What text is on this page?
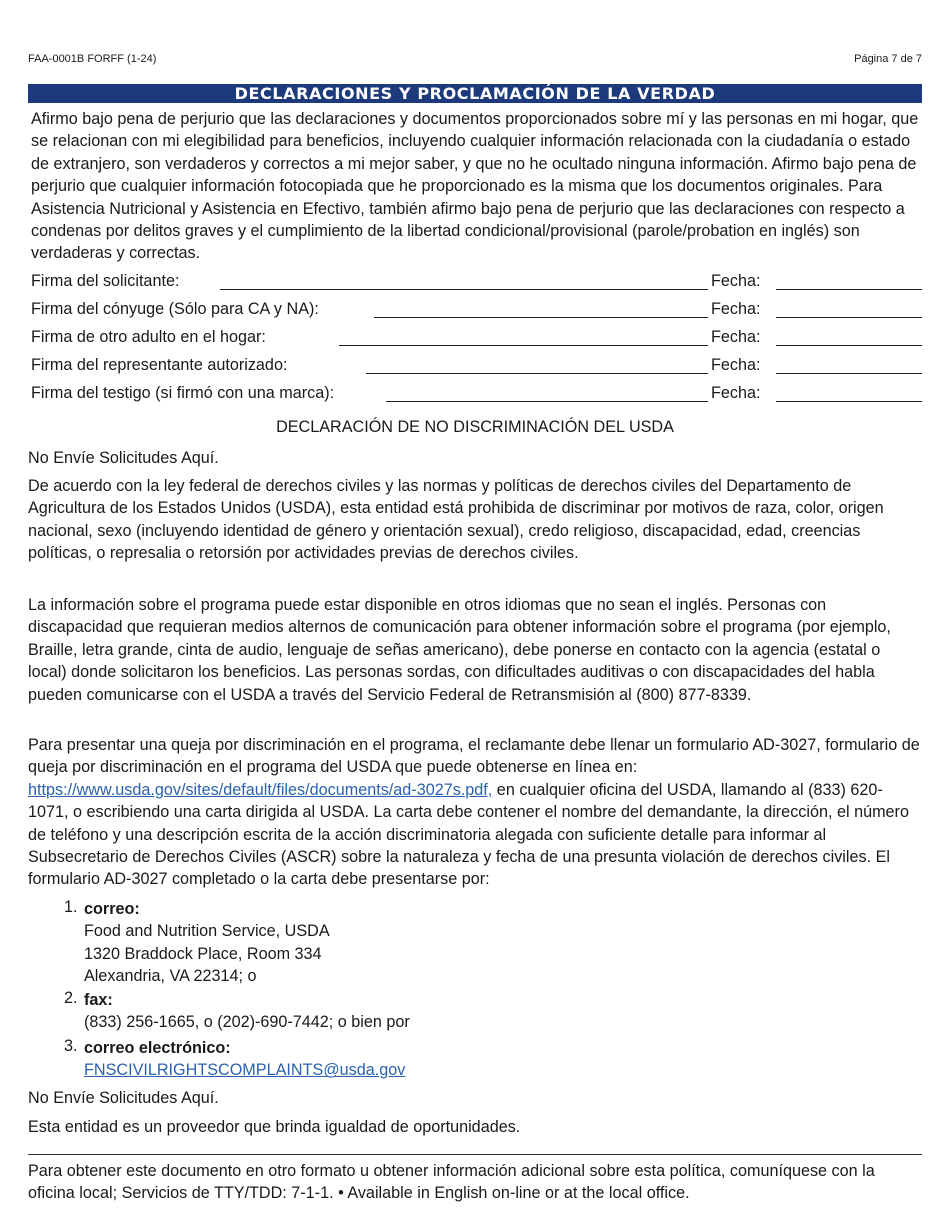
FAA-0001B FORFF (1-24)	Página 7 de 7
DECLARACIONES Y PROCLAMACIÓN DE LA VERDAD
Afirmo bajo pena de perjurio que las declaraciones y documentos proporcionados sobre mí y las personas en mi hogar, que se relacionan con mi elegibilidad para beneficios, incluyendo cualquier información relacionada con la ciudadanía o estado de extranjero, son verdaderos y correctos a mi mejor saber, y que no he ocultado ninguna información. Afirmo bajo pena de perjurio que cualquier información fotocopiada que he proporcionado es la misma que los documentos originales. Para Asistencia Nutricional y Asistencia en Efectivo, también afirmo bajo pena de perjurio que las declaraciones con respecto a condenas por delitos graves y el cumplimiento de la libertad condicional/provisional (parole/probation en inglés) son verdaderas y correctas.
Firma del solicitante:	Fecha:
Firma del cónyuge (Sólo para CA y NA):	Fecha:
Firma de otro adulto en el hogar:	Fecha:
Firma del representante autorizado:	Fecha:
Firma del testigo (si firmó con una marca):	Fecha:
DECLARACIÓN DE NO DISCRIMINACIÓN DEL USDA
No Envíe Solicitudes Aquí.
De acuerdo con la ley federal de derechos civiles y las normas y políticas de derechos civiles del Departamento de Agricultura de los Estados Unidos (USDA), esta entidad está prohibida de discriminar por motivos de raza, color, origen nacional, sexo (incluyendo identidad de género y orientación sexual), credo religioso, discapacidad, edad, creencias políticas, o represalia o retorsión por actividades previas de derechos civiles.
La información sobre el programa puede estar disponible en otros idiomas que no sean el inglés. Personas con discapacidad que requieran medios alternos de comunicación para obtener información sobre el programa (por ejemplo, Braille, letra grande, cinta de audio, lenguaje de señas americano), debe ponerse en contacto con la agencia (estatal o local) donde solicitaron los beneficios. Las personas sordas, con dificultades auditivas o con discapacidades del habla pueden comunicarse con el USDA a través del Servicio Federal de Retransmisión al (800) 877-8339.
Para presentar una queja por discriminación en el programa, el reclamante debe llenar un formulario AD-3027, formulario de queja por discriminación en el programa del USDA que puede obtenerse en línea en: https://www.usda.gov/sites/default/files/documents/ad-3027s.pdf, en cualquier oficina del USDA, llamando al (833) 620-1071, o escribiendo una carta dirigida al USDA. La carta debe contener el nombre del demandante, la dirección, el número de teléfono y una descripción escrita de la acción discriminatoria alegada con suficiente detalle para informar al Subsecretario de Derechos Civiles (ASCR) sobre la naturaleza y fecha de una presunta violación de derechos civiles. El formulario AD-3027 completado o la carta debe presentarse por:
1. correo:
Food and Nutrition Service, USDA
1320 Braddock Place, Room 334
Alexandria, VA 22314; o
2. fax:
(833) 256-1665, o (202)-690-7442; o bien por
3. correo electrónico:
FNSCIVILRIGHTSCOMPLAINTS@usda.gov
No Envíe Solicitudes Aquí.
Esta entidad es un proveedor que brinda igualdad de oportunidades.
Para obtener este documento en otro formato u obtener información adicional sobre esta política, comuníquese con la oficina local; Servicios de TTY/TDD: 7-1-1. • Available in English on-line or at the local office.
